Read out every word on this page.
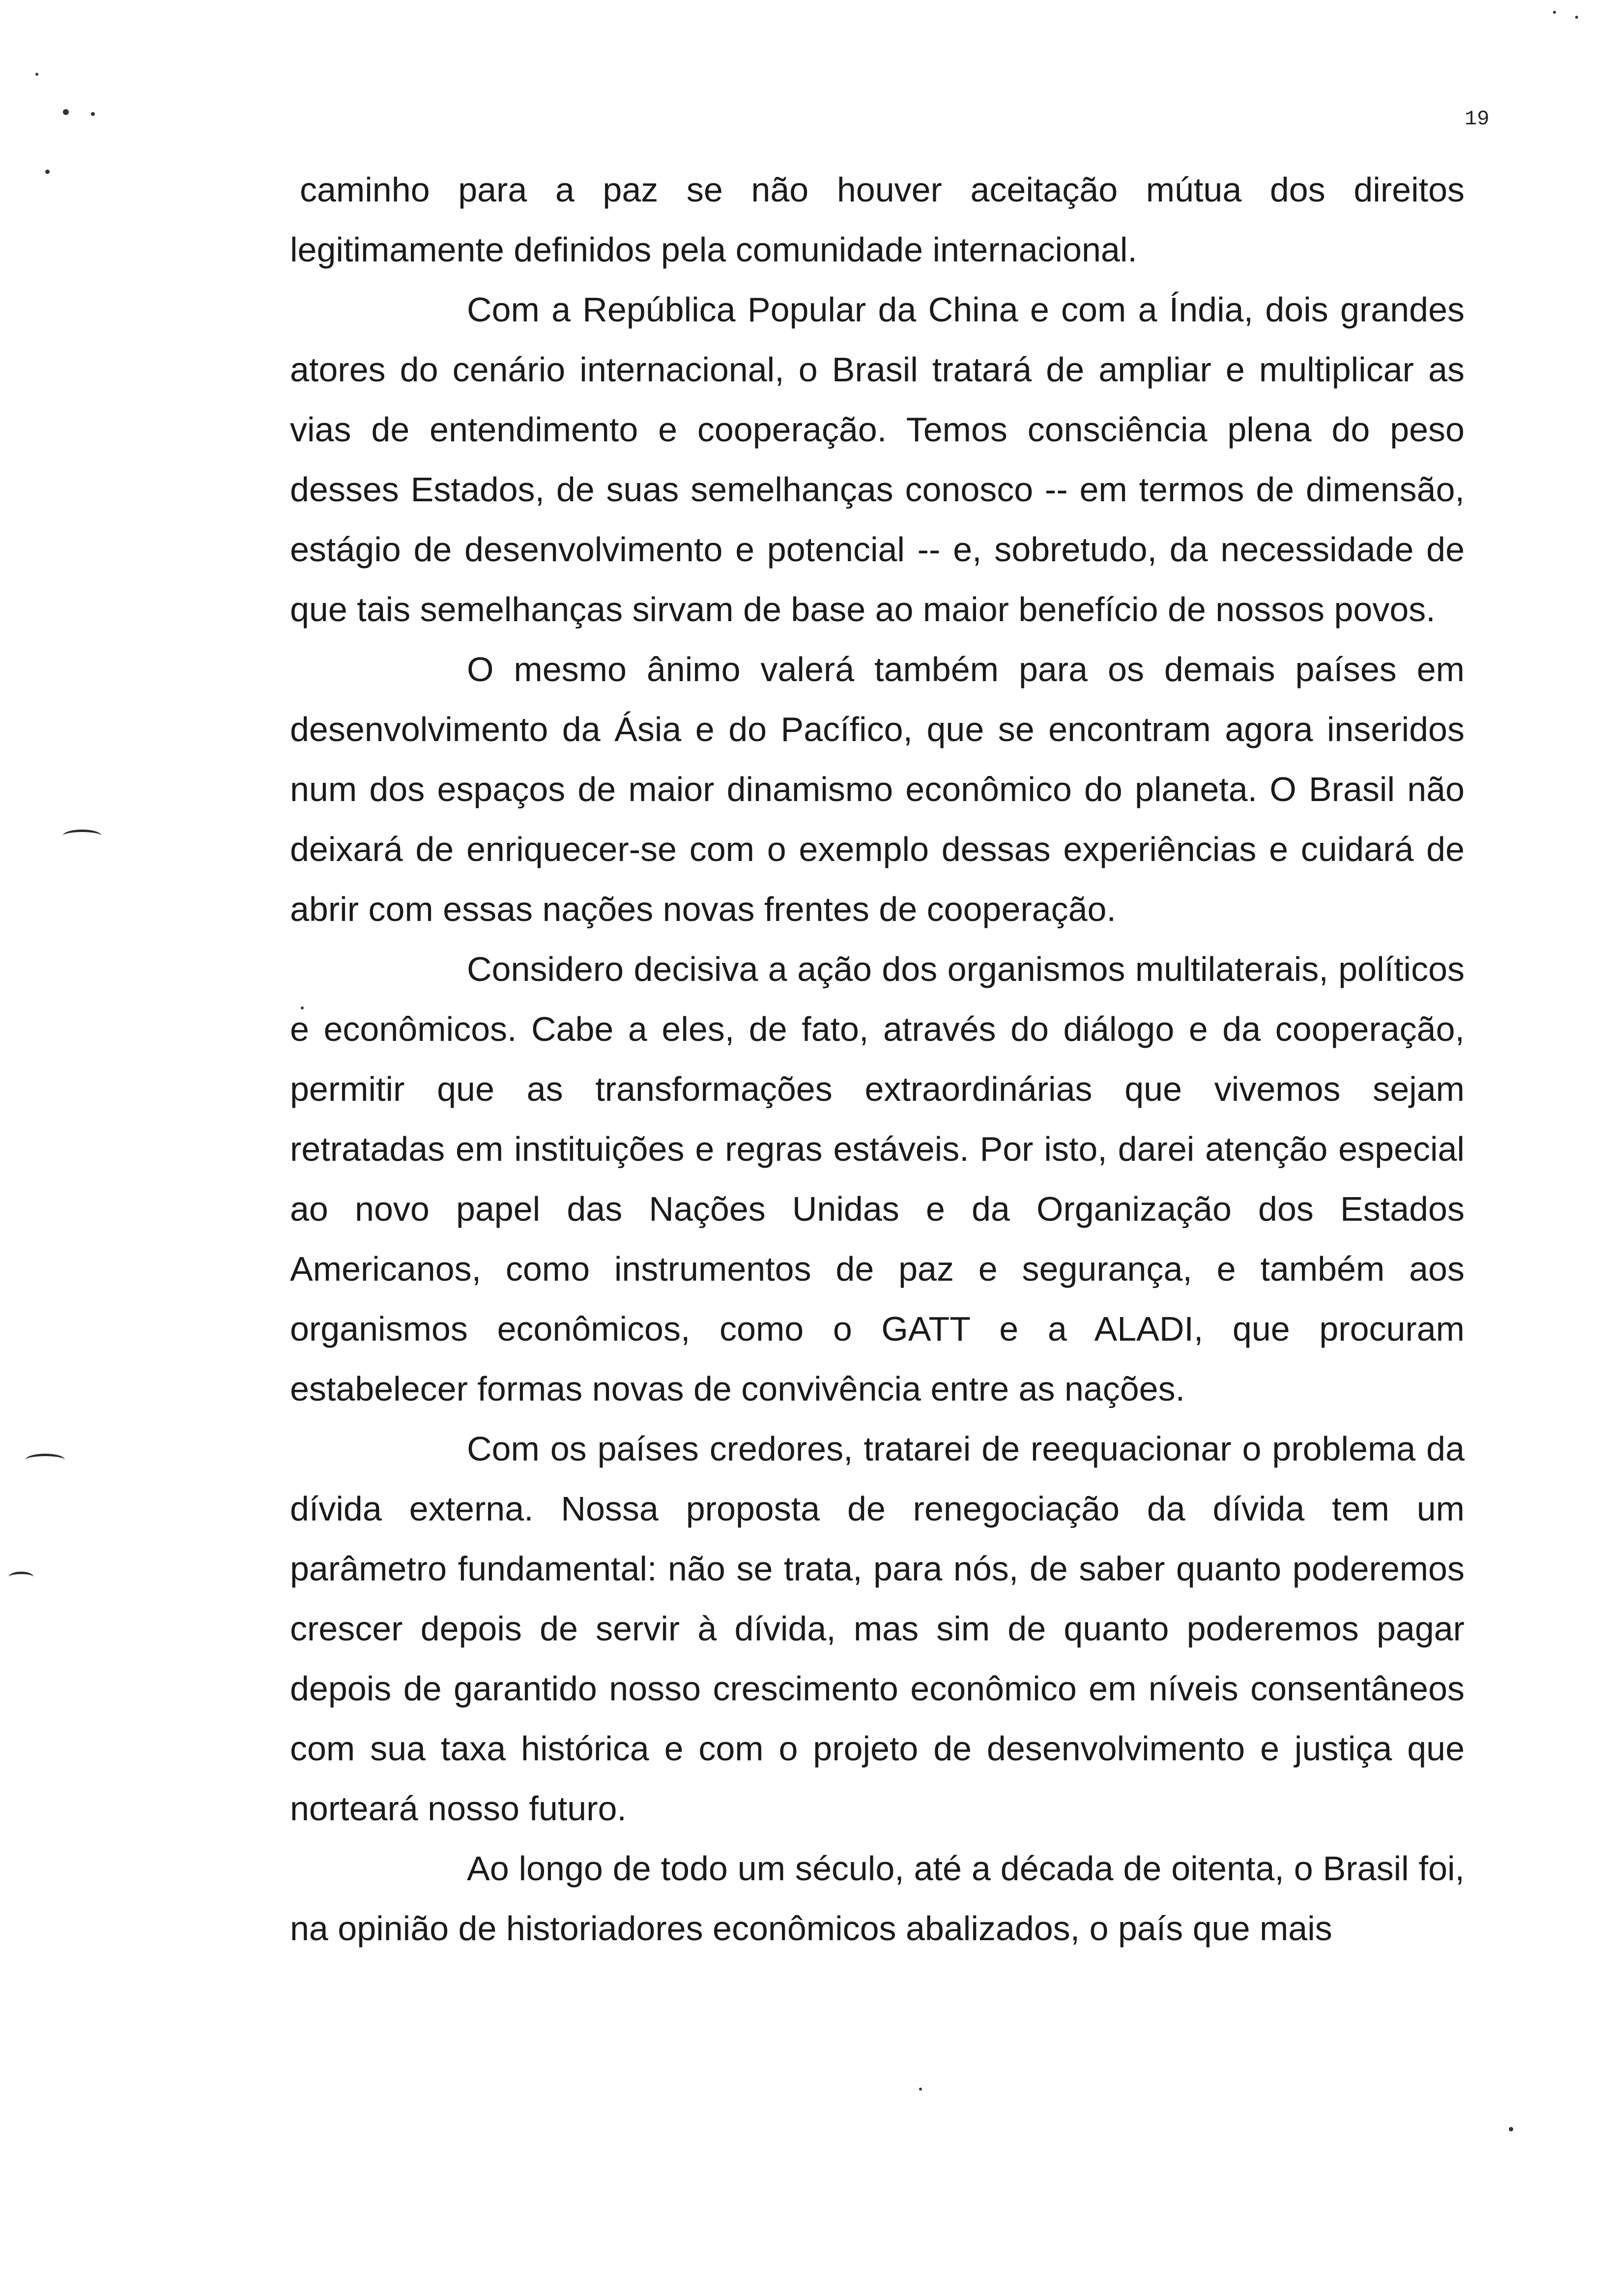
19

caminho para a paz se não houver aceitação mútua dos direitos legitimamente definidos pela comunidade internacional.

Com a República Popular da China e com a Índia, dois grandes atores do cenário internacional, o Brasil tratará de ampliar e multiplicar as vias de entendimento e cooperação. Temos consciência plena do peso desses Estados, de suas semelhanças conosco -- em termos de dimensão, estágio de desenvolvimento e potencial -- e, sobretudo, da necessidade de que tais semelhanças sirvam de base ao maior benefício de nossos povos.

O mesmo ânimo valerá também para os demais países em desenvolvimento da Ásia e do Pacífico, que se encontram agora inseridos num dos espaços de maior dinamismo econômico do planeta. O Brasil não deixará de enriquecer-se com o exemplo dessas experiências e cuidará de abrir com essas nações novas frentes de cooperação.

Considero decisiva a ação dos organismos multilaterais, políticos e econômicos. Cabe a eles, de fato, através do diálogo e da cooperação, permitir que as transformações extraordinárias que vivemos sejam retratadas em instituições e regras estáveis. Por isto, darei atenção especial ao novo papel das Nações Unidas e da Organização dos Estados Americanos, como instrumentos de paz e segurança, e também aos organismos econômicos, como o GATT e a ALADI, que procuram estabelecer formas novas de convivência entre as nações.

Com os países credores, tratarei de reequacionar o problema da dívida externa. Nossa proposta de renegociação da dívida tem um parâmetro fundamental: não se trata, para nós, de saber quanto poderemos crescer depois de servir à dívida, mas sim de quanto poderemos pagar depois de garantido nosso crescimento econômico em níveis consentâneos com sua taxa histórica e com o projeto de desenvolvimento e justiça que norteará nosso futuro.

Ao longo de todo um século, até a década de oitenta, o Brasil foi, na opinião de historiadores econômicos abalizados, o país que mais
